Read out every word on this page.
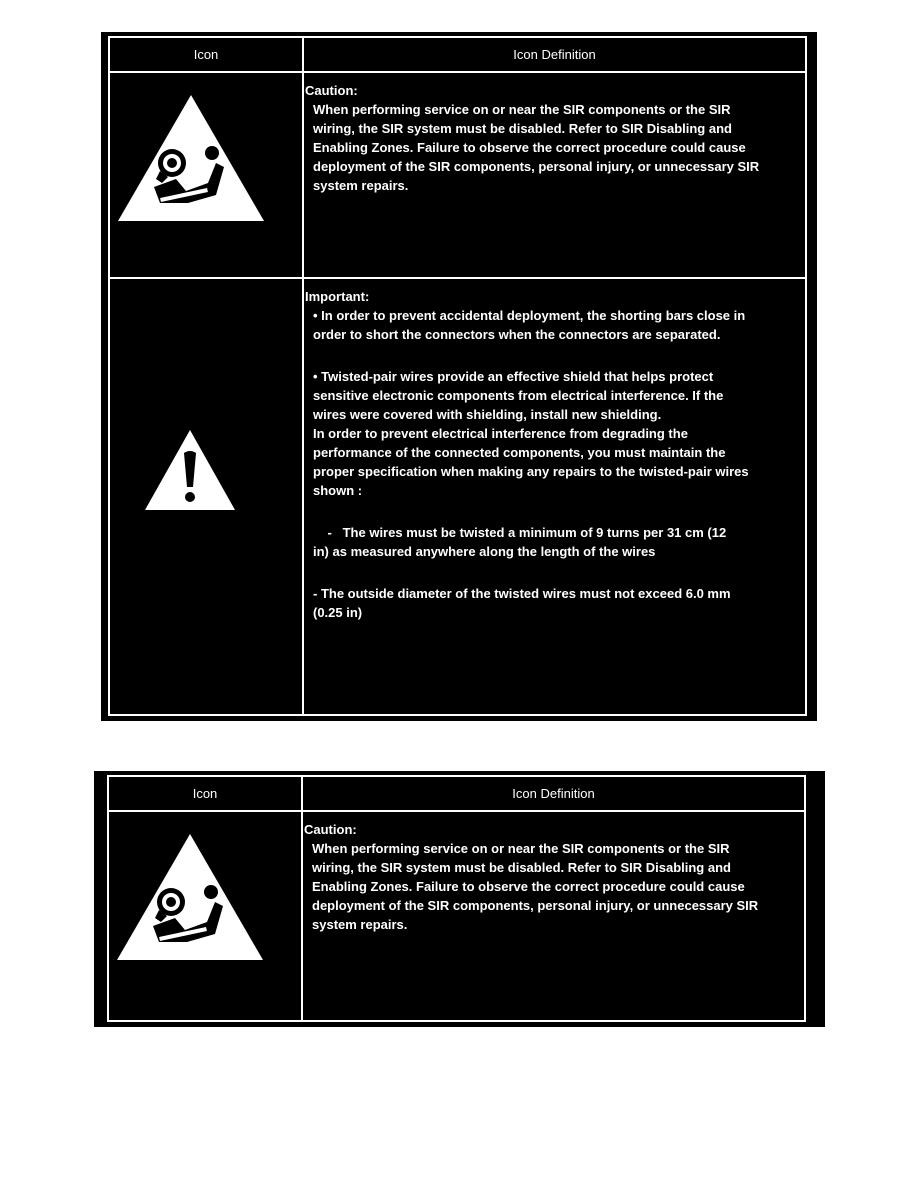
Icon	Icon Definition
Caution:
When performing service on or near the SIR components or the SIR
wiring, the SIR system must be disabled. Refer to SIR Disabling and
Enabling Zones. Failure to observe the correct procedure could cause
deployment of the SIR components, personal injury, or unnecessary SIR
system repairs.
Important:
• In order to prevent accidental deployment, the shorting bars close in
order to short the connectors when the connectors are separated.
• Twisted-pair wires provide an effective shield that helps protect
sensitive electronic components from electrical interference. If the
wires were covered with shielding, install new shielding.
In order to prevent electrical interference from degrading the
performance of the connected components, you must maintain the
proper specification when making any repairs to the twisted-pair wires
shown :
-   The wires must be twisted a minimum of 9 turns per 31 cm (12
in) as measured anywhere along the length of the wires
- The outside diameter of the twisted wires must not exceed 6.0 mm
(0.25 in)
Icon	Icon Definition
Caution:
When performing service on or near the SIR components or the SIR
wiring, the SIR system must be disabled. Refer to SIR Disabling and
Enabling Zones. Failure to observe the correct procedure could cause
deployment of the SIR components, personal injury, or unnecessary SIR
system repairs.
